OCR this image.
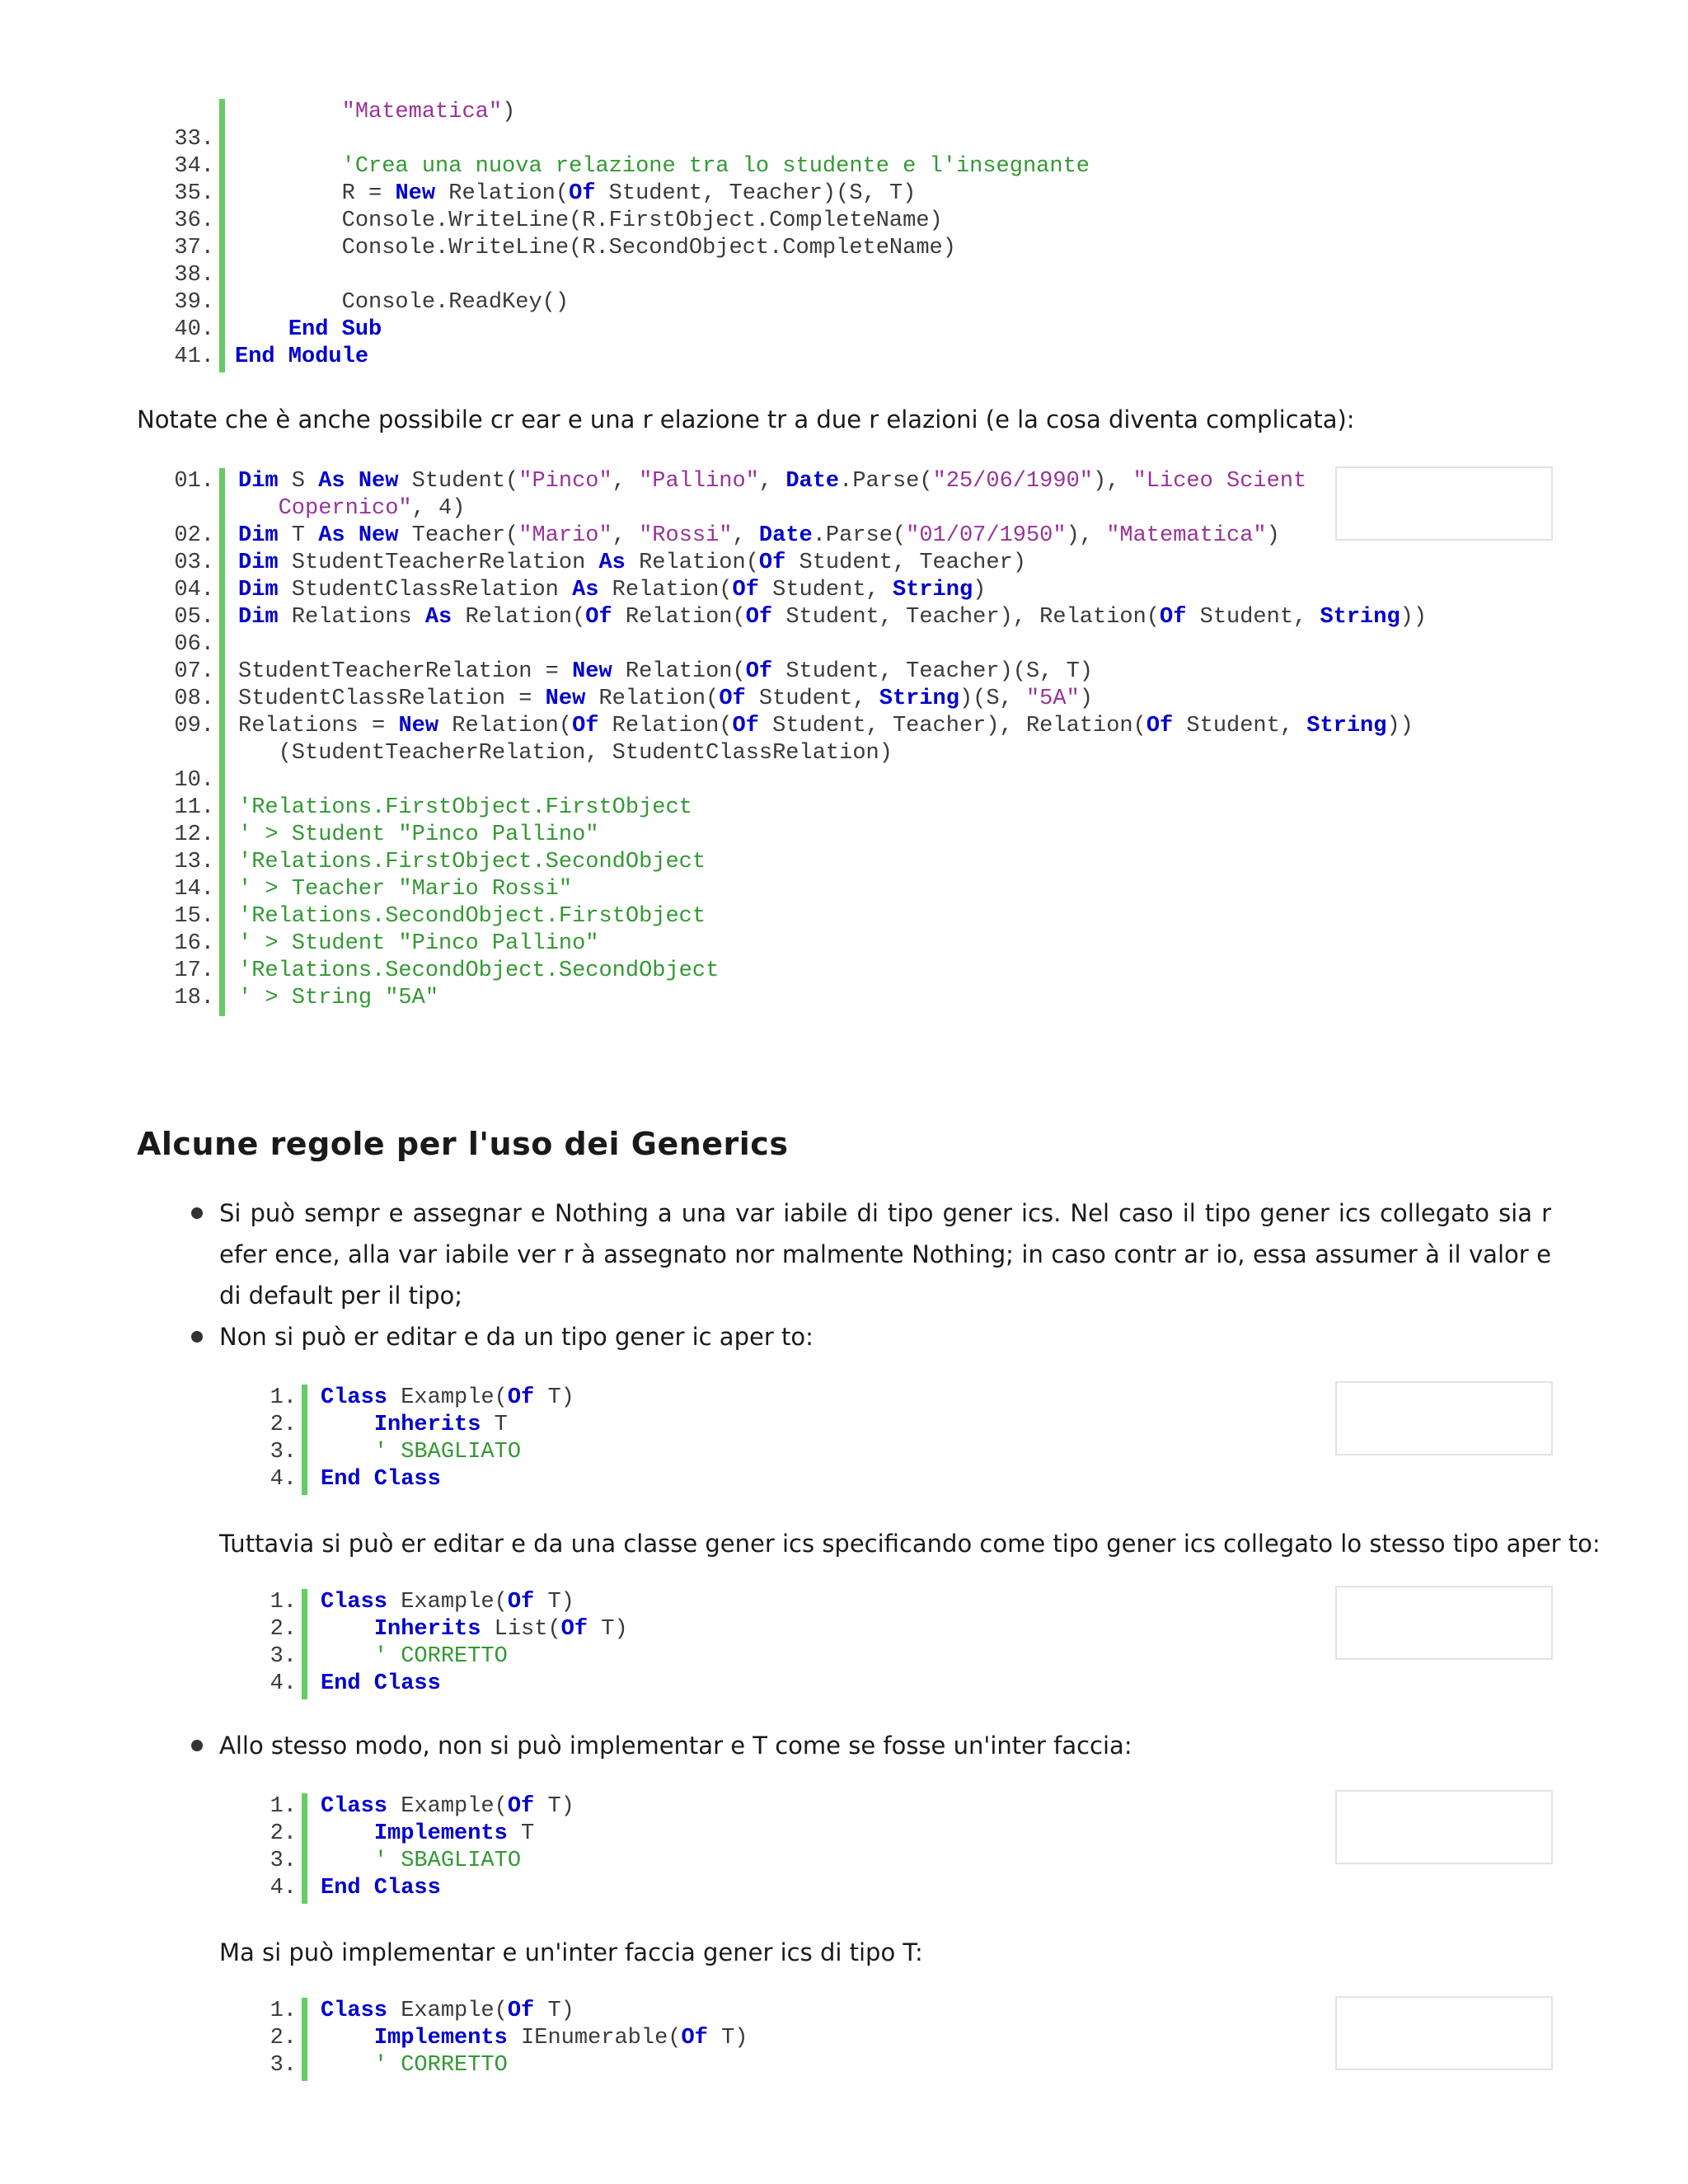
"Matematica")
33.
34.	'Crea una nuova relazione tra lo studente e l'insegnante
35. R = New Relation(Of Student, Teacher)(S, T)
36. Console.WriteLine(R.FirstObject.CompleteName)
37. Console.WriteLine(R.SecondObject.CompleteName)
38.
39. Console.ReadKey()
40.	End Sub
41. End Module
Notate che è anche possibile cr ear e una r elazione tr a due r elazioni (e la cosa diventa complicata):
01. Dim S As New Student("Pinco", "Pallino", Date.Parse("25/06/1990"), "Liceo Scient
Copernico", 4)
02. Dim T As New Teacher("Mario", "Rossi", Date.Parse("01/07/1950"), "Matematica")
03. Dim StudentTeacherRelation As Relation(Of Student, Teacher)
04. Dim StudentClassRelation As Relation(Of Student, String)
05. Dim Relations As Relation(Of Relation(Of Student, Teacher), Relation(Of Student, String))
06.
07. StudentTeacherRelation = New Relation(Of Student, Teacher)(S, T)
08. StudentClassRelation = New Relation(Of Student, String)(S, "5A")
09. Relations = New Relation(Of Relation(Of Student, Teacher), Relation(Of Student, String))
(StudentTeacherRelation, StudentClassRelation)
10.
11. 'Relations.FirstObject.FirstObject
12. ' > Student "Pinco Pallino"
13. 'Relations.FirstObject.SecondObject
14. ' > Teacher "Mario Rossi"
15. 'Relations.SecondObject.FirstObject
16. ' > Student "Pinco Pallino"
17. 'Relations.SecondObject.SecondObject
18. ' > String "5A"
Alcune regole per l'uso dei Generics
Si può sempr e assegnar e Nothing a una var iabile di tipo gener ics. Nel caso il tipo gener ics collegato sia r efer ence, alla var iabile ver r à assegnato nor malmente Nothing; in caso contr ar io, essa assumer à il valor e di default per il tipo;
Non si può er editar e da un tipo gener ic aper to:
1. Class Example(Of T)
2.	Inherits T
3.	' SBAGLIATO
4. End Class
Tuttavia si può er editar e da una classe gener ics specificando come tipo gener ics collegato lo stesso tipo aper to:
1. Class Example(Of T)
2.	Inherits List(Of T)
3.	' CORRETTO
4. End Class
Allo stesso modo, non si può implementar e T come se fosse un'inter faccia:
1. Class Example(Of T)
2.	Implements T
3.	' SBAGLIATO
4. End Class
Ma si può implementar e un'inter faccia gener ics di tipo T:
1. Class Example(Of T)
2.	Implements IEnumerable(Of T)
3.	' CORRETTO
